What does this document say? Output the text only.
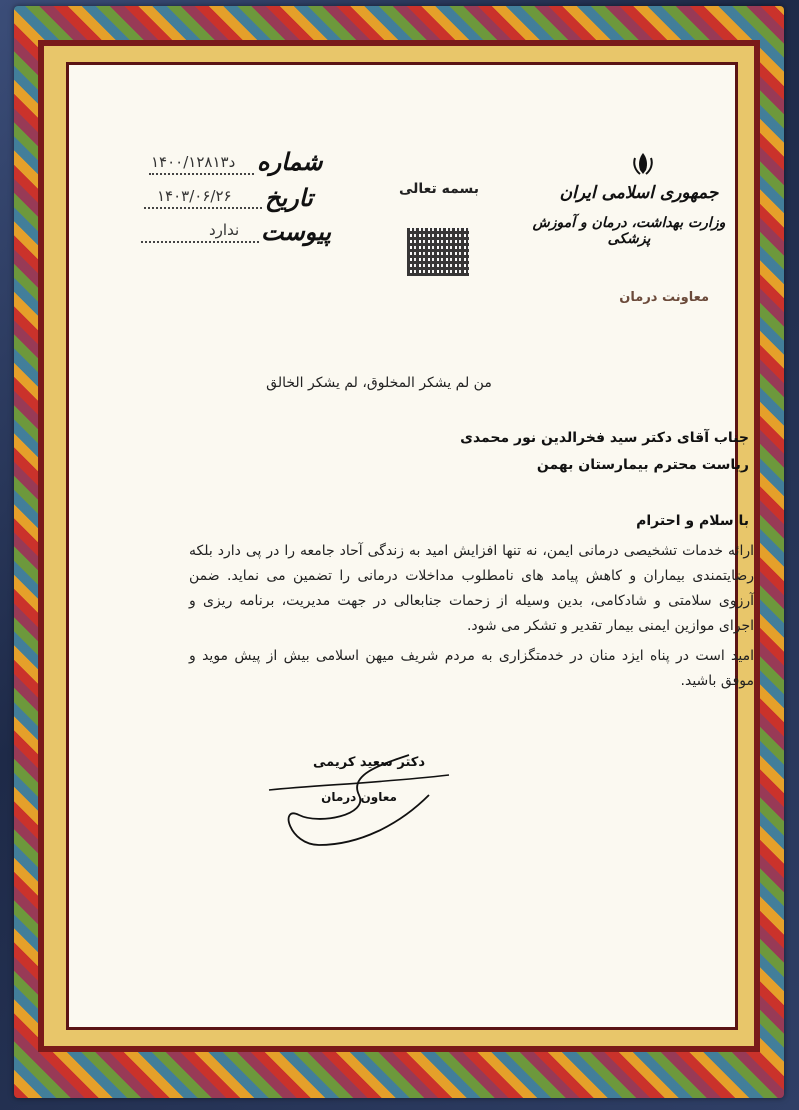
شماره
د۱۴۰۰/۱۲۸۱۳
تاریخ
۱۴۰۳/۰۶/۲۶
پیوست
ندارد
بسمه تعالی	جمهوری اسلامی ایران
وزارت بهداشت، درمان و آموزش پزشکی
معاونت درمان
من لم یشکر المخلوق، لم یشکر الخالق
جناب آقای دکتر سید فخرالدین نور محمدی
ریاست محترم بیمارستان بهمن
با سلام و احترام
ارائه خدمات تشخیصی درمانی ایمن، نه تنها افزایش امید به زندگی آحاد جامعه را در پی دارد بلکه رضایتمندی بیماران و کاهش پیامد های نامطلوب مداخلات درمانی را تضمین می نماید. ضمن آرزوی سلامتی و شادکامی، بدین وسیله از زحمات جنابعالی در جهت مدیریت، برنامه ریزی و اجرای موازین ایمنی بیمار تقدیر و تشکر می شود.
امید است در پناه ایزد منان در خدمتگزاری به مردم شریف میهن اسلامی بیش از پیش موید و موفق باشید.
دکتر سعید کریمی
معاون درمان
